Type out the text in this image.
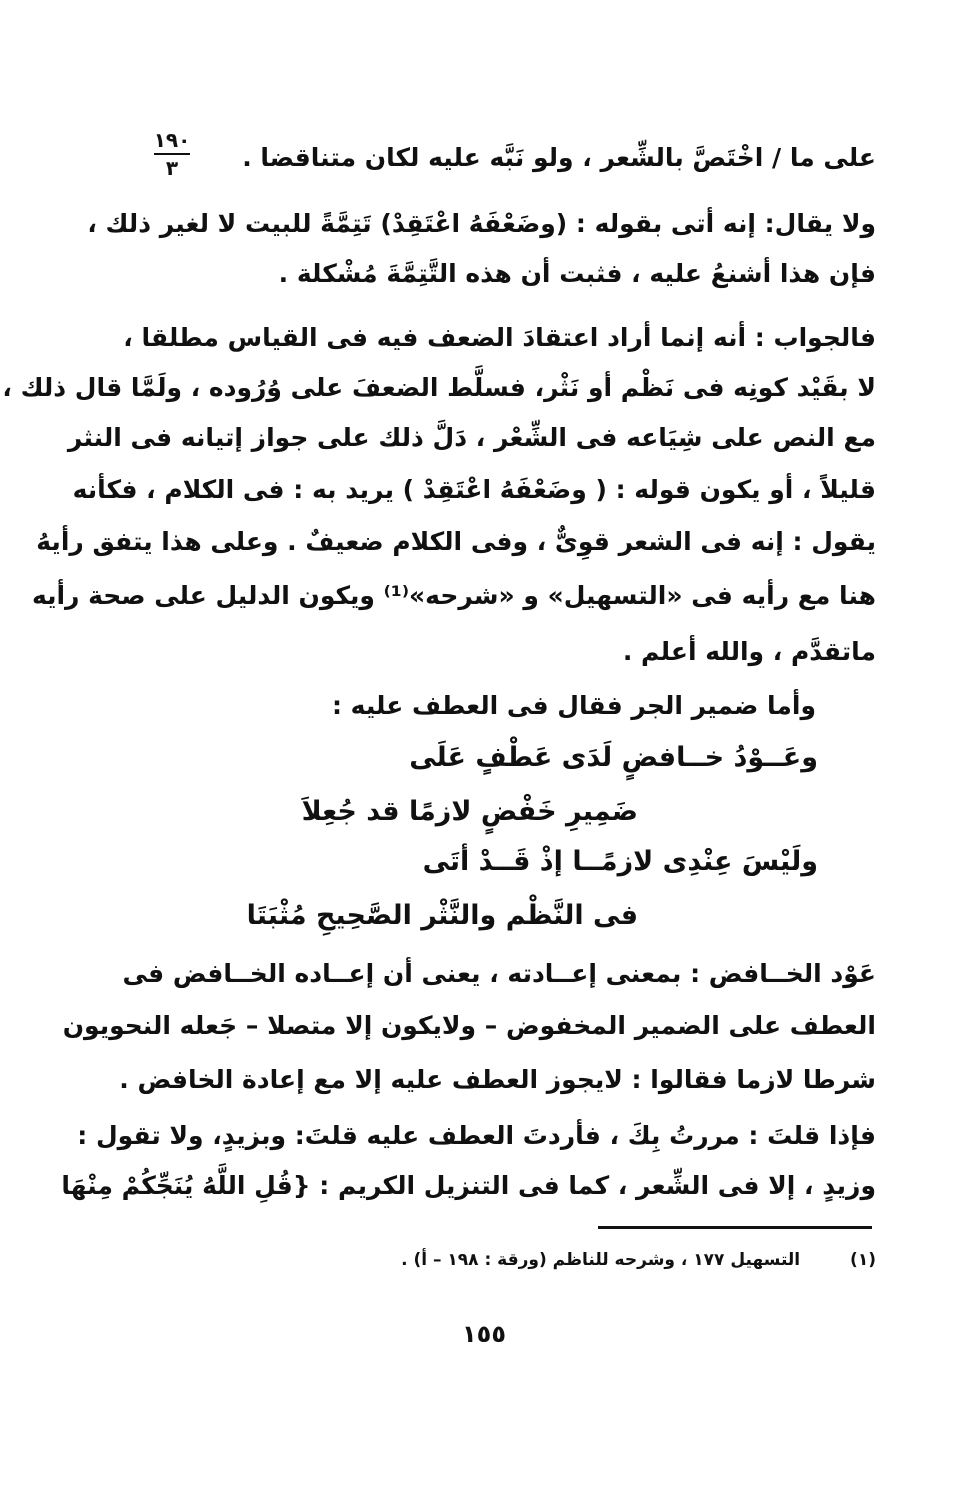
١٩٠
٣	على ما / اخْتَصَّ بالشِّعر ، ولو نَبَّه عليه لكان متناقضا .
ولا يقال: إنه أتى بقوله : (وضَعْفَهُ اعْتَقِدْ) تَتِمَّةً للبيت لا لغير ذلك ،
فإن هذا أشنعُ عليه ، فثبت أن هذه التَّتِمَّةَ مُشْكلة .
فالجواب : أنه إنما أراد اعتقادَ الضعف فيه فى القياس مطلقا ،
لا بقَيْد كونِه فى نَظْم أو نَثْر، فسلَّط الضعفَ على وُرُوده ، ولَمَّا قال ذلك ،
مع النص على شِيَاعه فى الشِّعْر ، دَلَّ ذلك على جواز إتيانه فى النثر
قليلاً ، أو يكون قوله : ( وضَعْفَهُ اعْتَقِدْ ) يريد به : فى الكلام ، فكأنه
يقول : إنه فى الشعر قوِىٌّ ، وفى الكلام ضعيفٌ . وعلى هذا يتفق رأيهُ
هنا مع رأيه فى «التسهيل» و «شرحه»⁽¹⁾ ويكون الدليل على صحة رأيه
ماتقدَّم ، والله أعلم .
وأما ضمير الجر فقال فى العطف عليه :
وعَــوْدُ خــافضٍ لَدَى عَطْفٍ عَلَى
ضَمِيرِ خَفْضٍ لازمًا قد جُعِلاَ
ولَيْسَ عِنْدِى لازمًــا إذْ قَــدْ أتَى
فى النَّظْم والنَّثْر الصَّحِيحِ مُثْبَتَا
عَوْد الخــافض : بمعنى إعــادته ، يعنى أن إعــاده الخــافض فى
العطف على الضمير المخفوض – ولايكون إلا متصلا – جَعله النحويون
شرطا لازما فقالوا : لايجوز العطف عليه إلا مع إعادة الخافض .
فإذا قلتَ : مررتُ بِكَ ، فأردتَ العطف عليه قلتَ: وبزيدٍ، ولا تقول :
وزيدٍ ، إلا فى الشِّعر ، كما فى التنزيل الكريم : {قُلِ اللَّهُ يُنَجِّكُمْ مِنْهَا
(١) التسهيل ١٧٧ ، وشرحه للناظم (ورقة : ١٩٨ – أ) .
١٥٥
